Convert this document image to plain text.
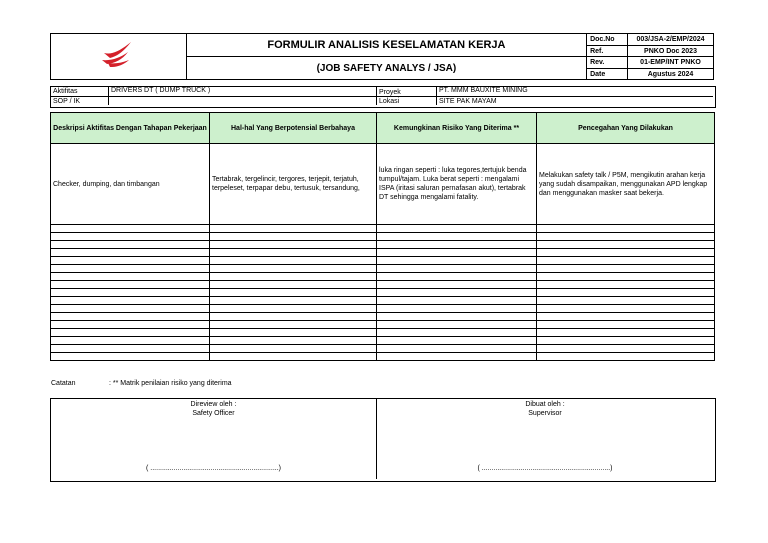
	FORMULIR ANALISIS KESELAMATAN KERJA	Doc.No	003/JSA-2/EMP/2024
		Ref.	PNKO Doc 2023
	(JOB SAFETY ANALYS / JSA)	Rev.	01-EMP/INT PNKO
		Date	Agustus 2024
Aktifitas	DRIVERS DT ( DUMP TRUCK )
SOP / IK
Proyek	PT. MMM BAUXITE MINING
Lokasi	SITE PAK MAYAM
Deskripsi Aktifitas Dengan Tahapan Pekerjaan	Hal-hal Yang Berpotensial Berbahaya	Kemungkinan Risiko Yang Diterima **	Pencegahan Yang Dilakukan
Checker, dumping, dan timbangan	Tertabrak, tergelincir, tergores, terjepit, terjatuh, terpeleset, terpapar debu, tertusuk, tersandung,	luka ringan seperti : luka tegores,tertujuk benda tumpul/tajam. Luka berat seperti : mengalami ISPA (iritasi saluran pernafasan akut), tertabrak DT sehingga mengalami fatality.	Melakukan safety talk / P5M, mengikutin arahan kerja yang sudah disampaikan, menggunakan APD lengkap dan menggunakan masker saat bekerja.

Catatan	: ** Matrik penilaian risiko yang diterima
Direview oleh :
Safety Officer
( ..................................................................)
Dibuat oleh :
Supervisor
( ..................................................................)
